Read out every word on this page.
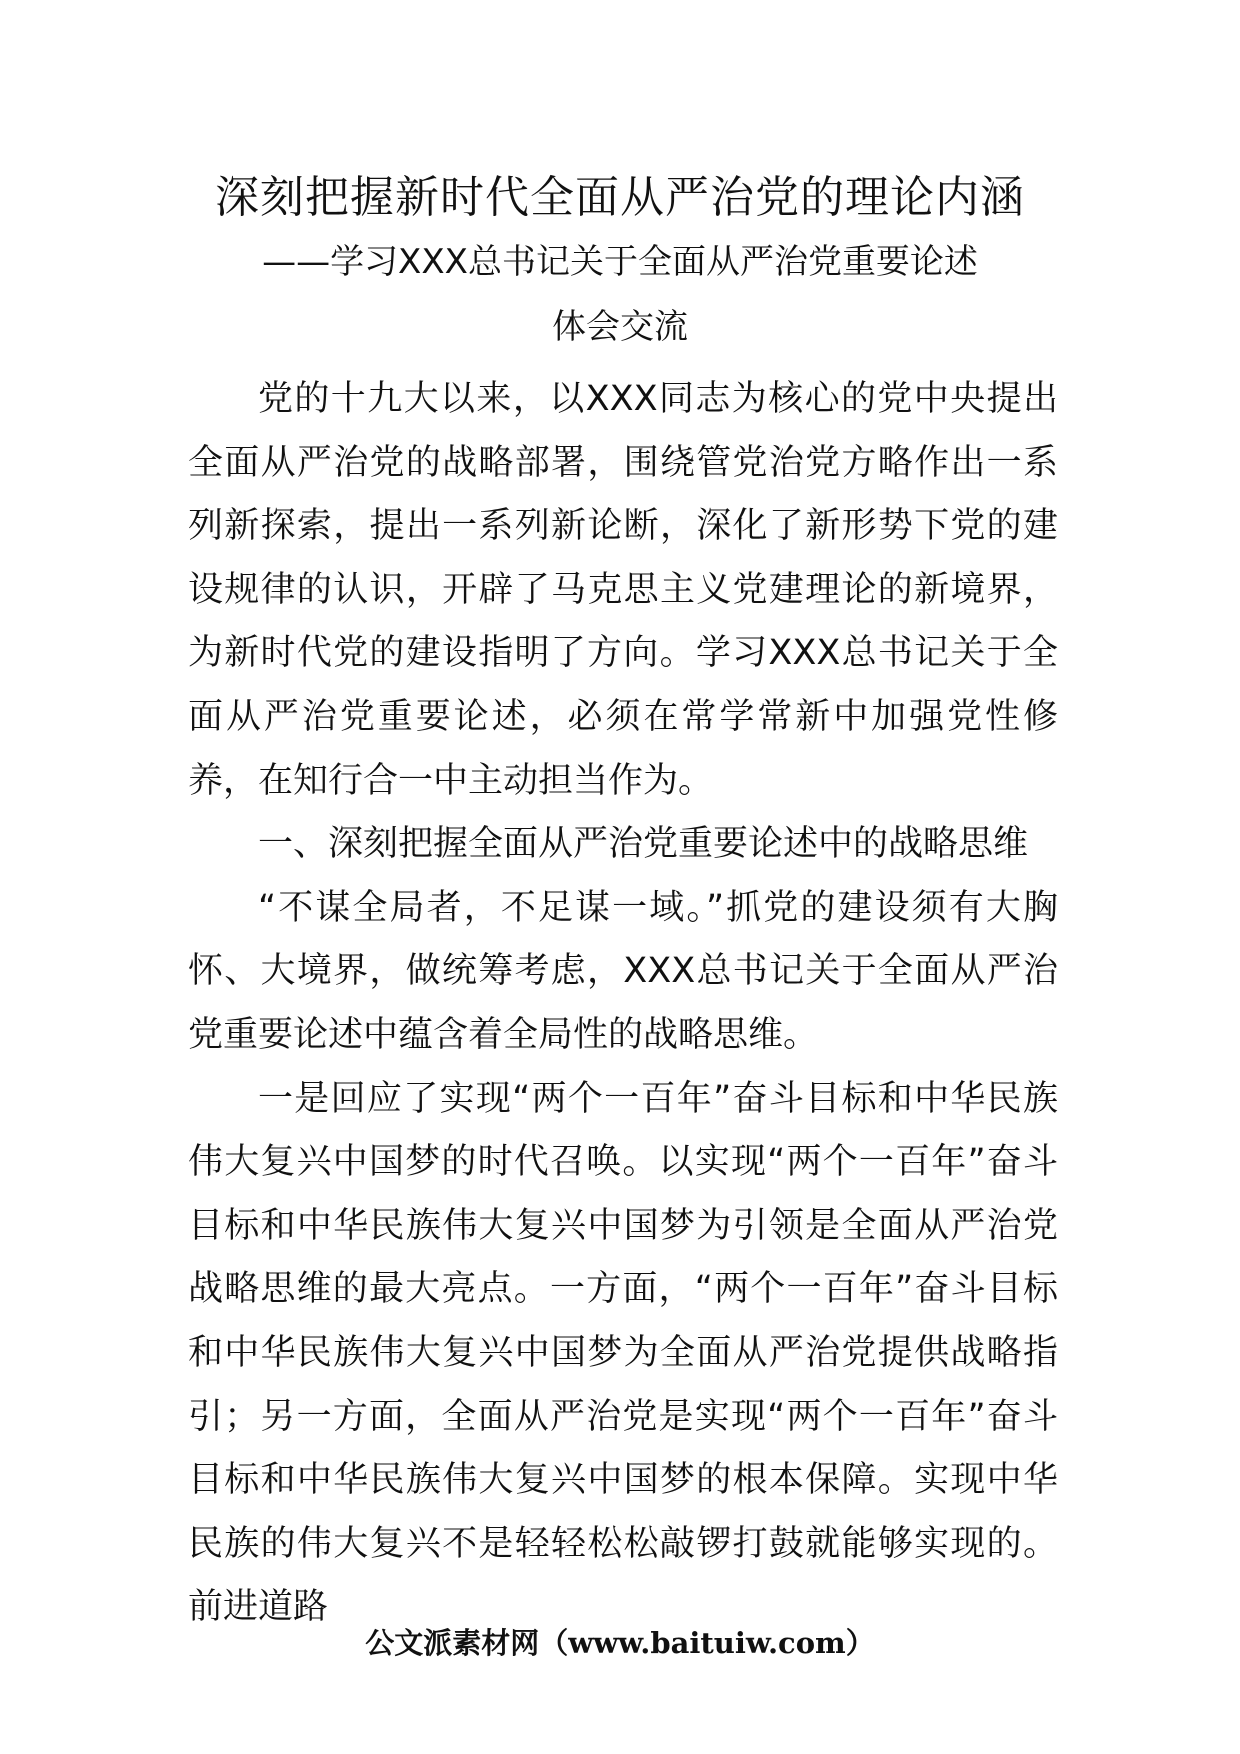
深刻把握新时代全面从严治党的理论内涵
——学习XXX总书记关于全面从严治党重要论述
体会交流

党的十九大以来，以XXX同志为核心的党中央提出全面从严治党的战略部署，围绕管党治党方略作出一系列新探索，提出一系列新论断，深化了新形势下党的建设规律的认识，开辟了马克思主义党建理论的新境界，为新时代党的建设指明了方向。学习XXX总书记关于全面从严治党重要论述，必须在常学常新中加强党性修养，在知行合一中主动担当作为。

一、深刻把握全面从严治党重要论述中的战略思维

“不谋全局者，不足谋一域。”抓党的建设须有大胸怀、大境界，做统筹考虑，XXX总书记关于全面从严治党重要论述中蕴含着全局性的战略思维。

一是回应了实现“两个一百年”奋斗目标和中华民族伟大复兴中国梦的时代召唤。以实现“两个一百年”奋斗目标和中华民族伟大复兴中国梦为引领是全面从严治党战略思维的最大亮点。一方面，“两个一百年”奋斗目标和中华民族伟大复兴中国梦为全面从严治党提供战略指引；另一方面，全面从严治党是实现“两个一百年”奋斗目标和中华民族伟大复兴中国梦的根本保障。实现中华民族的伟大复兴不是轻轻松松敲锣打鼓就能够实现的。前进道路

公文派素材网（www.baituiw.com）
